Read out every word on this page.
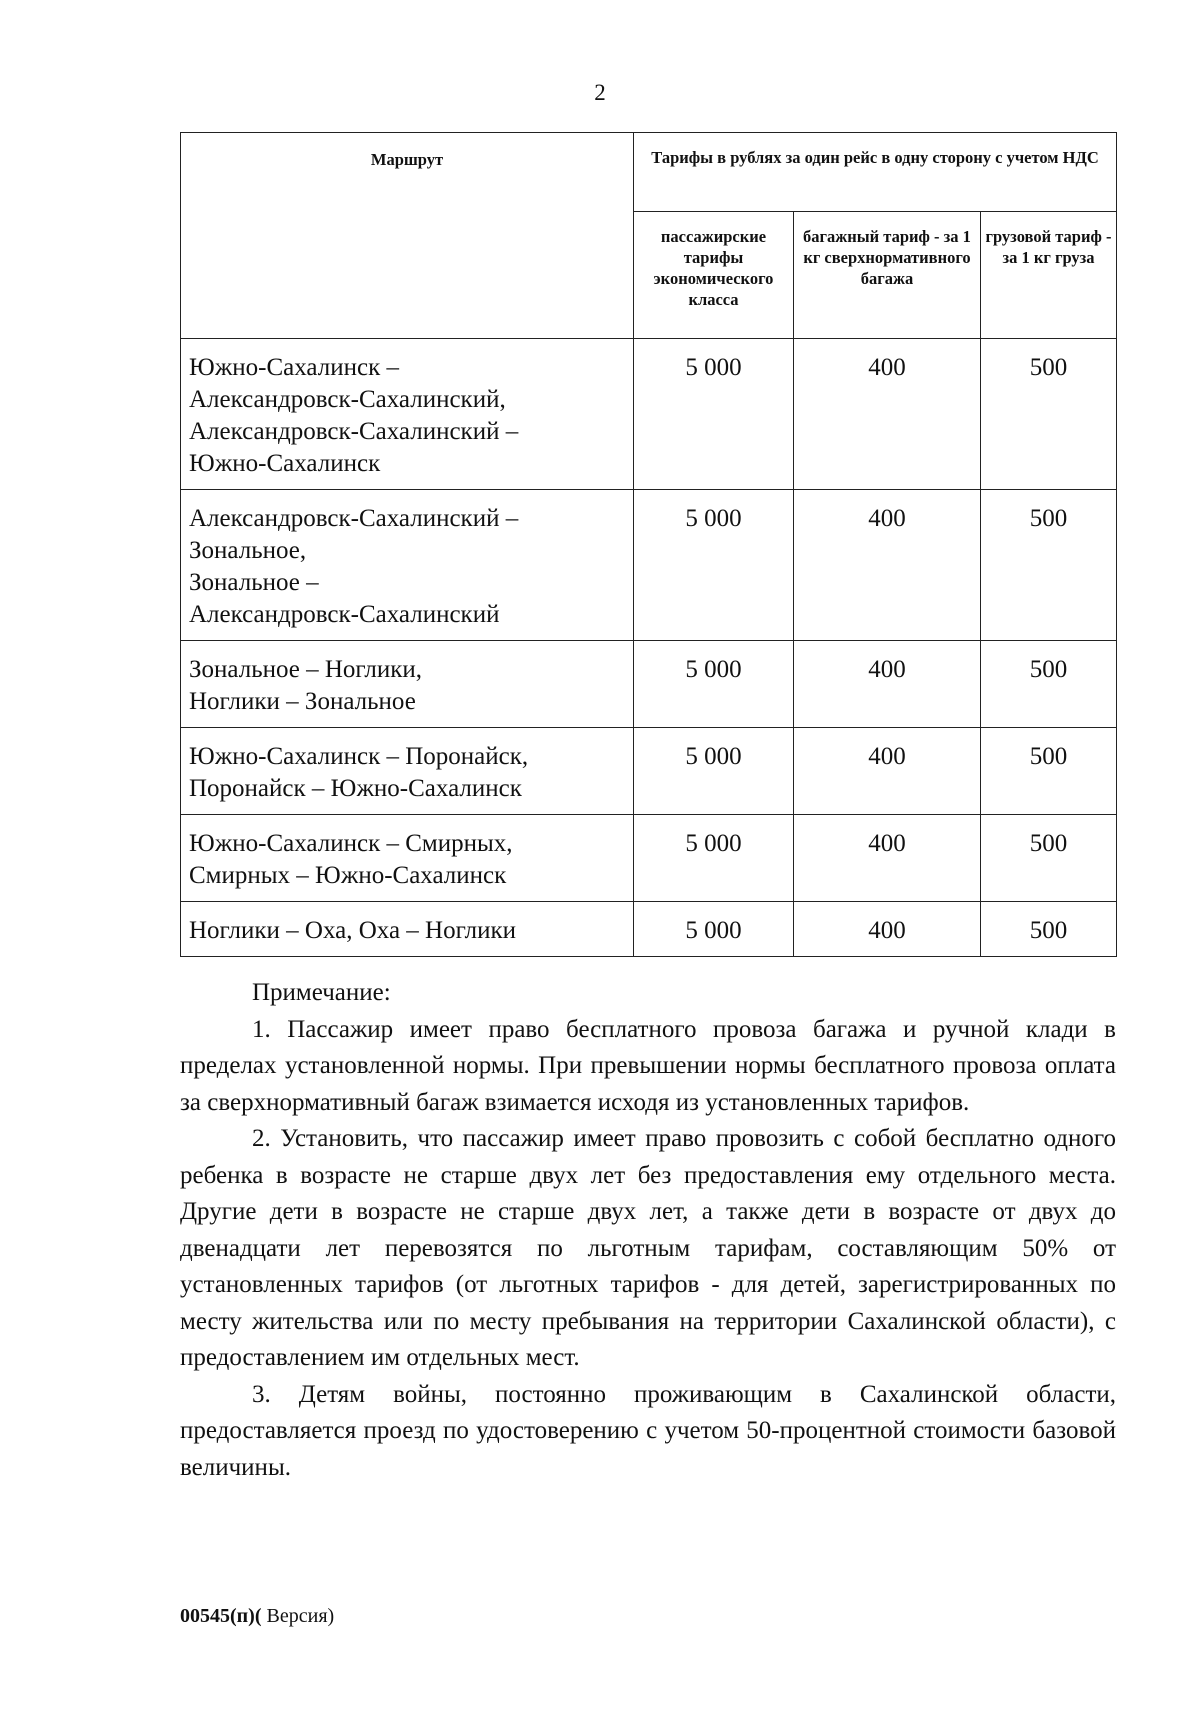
2
Маршрут	Тарифы в рублях за один рейс в одну сторону с учетом НДС		
	пассажирские тарифы экономического класса	багажный тариф - за 1 кг сверхнормативного багажа	грузовой тариф - за 1 кг груза

Южно-Сахалинск –
Александровск-Сахалинский,
Александровск-Сахалинский –
Южно-Сахалинск	5 000	400	500

Александровск-Сахалинский –
Зональное,
Зональное –
Александровск-Сахалинский	5 000	400	500

Зональное – Ноглики,
Ноглики – Зональное	5 000	400	500

Южно-Сахалинск – Поронайск,
Поронайск – Южно-Сахалинск	5 000	400	500

Южно-Сахалинск – Смирных,
Смирных – Южно-Сахалинск	5 000	400	500

Ноглики – Оха, Оха – Ноглики	5 000	400	500

Примечание:

1. Пассажир имеет право бесплатного провоза багажа и ручной клади в пределах установленной нормы. При превышении нормы бесплатного провоза оплата за сверхнормативный багаж взимается исходя из установленных тарифов.

2. Установить, что пассажир имеет право провозить с собой бесплатно одного ребенка в возрасте не старше двух лет без предоставления ему отдельного места. Другие дети в возрасте не старше двух лет, а также дети в возрасте от двух до двенадцати лет перевозятся по льготным тарифам, составляющим 50% от установленных тарифов (от льготных тарифов - для детей, зарегистрированных по месту жительства или по месту пребывания на территории Сахалинской области), с предоставлением им отдельных мест.

3. Детям войны, постоянно проживающим в Сахалинской области, предоставляется проезд по удостоверению с учетом 50-процентной стоимости базовой величины.

00545(п)( Версия)
